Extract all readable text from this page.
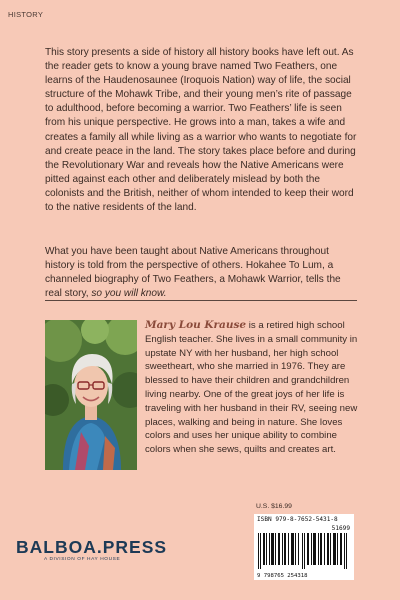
HISTORY

This story presents a side of history all history books have left out. As the reader gets to know a young brave named Two Feathers, one learns of the Haudenosaunee (Iroquois Nation) way of life, the social structure of the Mohawk Tribe, and their young men’s rite of passage to adulthood, before becoming a warrior. Two Feathers’ life is seen from his unique perspective. He grows into a man, takes a wife and creates a family all while living as a warrior who wants to negotiate for and create peace in the land. The story takes place before and during the Revolutionary War and reveals how the Native Americans were pitted against each other and deliberately mislead by both the colonists and the British, neither of whom intended to keep their word to the native residents of the land.

What you have been taught about Native Americans throughout history is told from the perspective of others. Hokahee To Lum, a channeled biography of Two Feathers, a Mohawk Warrior, tells the real story, so you will know.

Mary Lou Krause is a retired high school English teacher. She lives in a small community in upstate NY with her husband, her high school sweetheart, who she married in 1976. They are blessed to have their children and grandchildren living nearby. One of the great joys of her life is traveling with her husband in their RV, seeing new places, walking and being in nature. She loves colors and uses her unique ability to combine colors when she sews, quilts and creates art.

U.S. $16.99
ISBN 979-8-7652-5431-8
51699
9 798765 254318
BALBOA.PRESS
A DIVISION OF HAY HOUSE
